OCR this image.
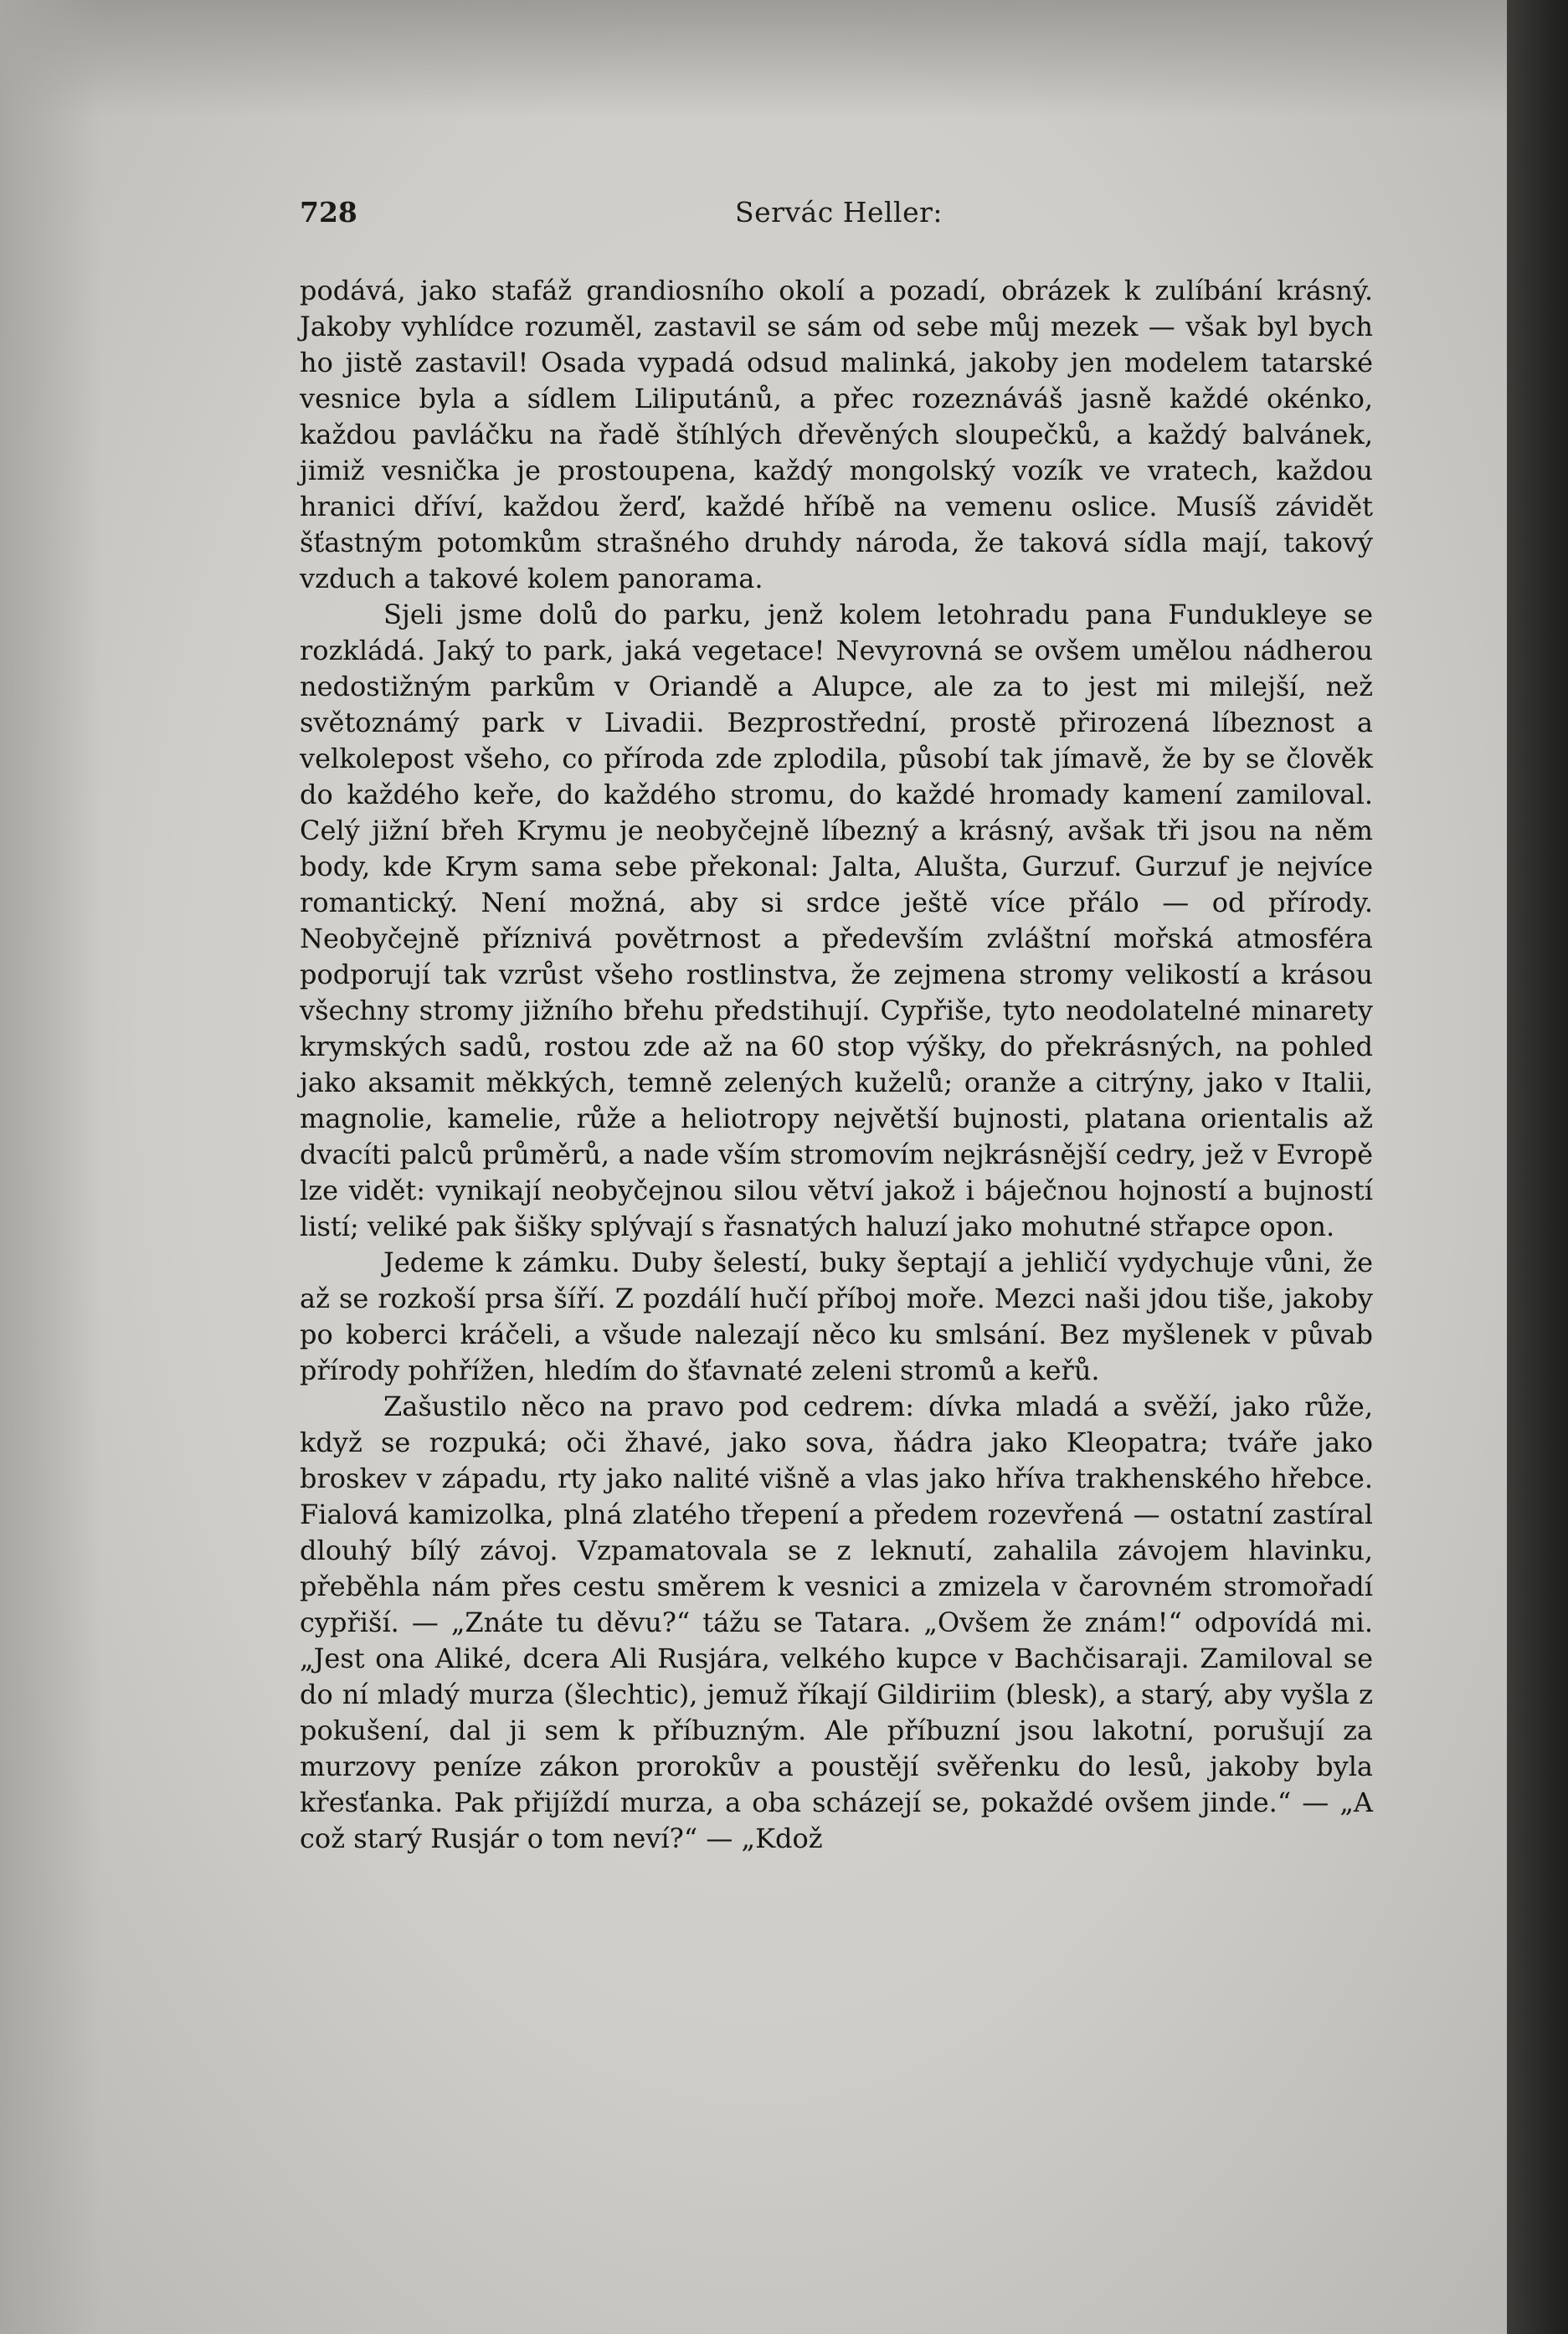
728	Servác Heller:

podává, jako stafáž grandiosního okolí a pozadí, obrázek k zulíbání krásný. Jakoby vyhlídce rozuměl, zastavil se sám od sebe můj mezek — však byl bych ho jistě zastavil! Osada vypadá odsud malinká, jakoby jen modelem tatarské vesnice byla a sídlem Liliputánů, a přec rozeznáváš jasně každé okénko, každou pavláčku na řadě štíhlých dřevěných sloupečků, a každý balvánek, jimiž vesnička je prostoupena, každý mongolský vozík ve vratech, každou hranici dříví, každou žerď, každé hříbě na vemenu oslice. Musíš závidět šťastným potomkům strašného druhdy národa, že taková sídla mají, takový vzduch a takové kolem panorama.

Sjeli jsme dolů do parku, jenž kolem letohradu pana Fundukleye se rozkládá. Jaký to park, jaká vegetace! Nevyrovná se ovšem umělou nádherou nedostižným parkům v Oriandě a Alupce, ale za to jest mi milejší, než světoznámý park v Livadii. Bezprostřední, prostě přirozená líbeznost a velkolepost všeho, co příroda zde zplodila, působí tak jímavě, že by se člověk do každého keře, do každého stromu, do každé hromady kamení zamiloval. Celý jižní břeh Krymu je neobyčejně líbezný a krásný, avšak tři jsou na něm body, kde Krym sama sebe překonal: Jalta, Alušta, Gurzuf. Gurzuf je nejvíce romantický. Není možná, aby si srdce ještě více přálo — od přírody. Neobyčejně příznivá povětrnost a především zvláštní mořská atmosféra podporují tak vzrůst všeho rostlinstva, že zejmena stromy velikostí a krásou všechny stromy jižního břehu předstihují. Cypřiše, tyto neodolatelné minarety krymských sadů, rostou zde až na 60 stop výšky, do překrásných, na pohled jako aksamit měkkých, temně zelených kuželů; oranže a citrýny, jako v Italii, magnolie, kamelie, růže a heliotropy největší bujnosti, platana orientalis až dvacíti palců průměrů, a nade vším stromovím nejkrásnější cedry, jež v Evropě lze vidět: vynikají neobyčejnou silou větví jakož i báječnou hojností a bujností listí; veliké pak šišky splývají s řasnatých haluzí jako mohutné střapce opon.

Jedeme k zámku. Duby šelestí, buky šeptají a jehličí vydychuje vůni, že až se rozkoší prsa šíří. Z pozdálí hučí příboj moře. Mezci naši jdou tiše, jakoby po koberci kráčeli, a všude nalezají něco ku smlsání. Bez myšlenek v půvab přírody pohřížen, hledím do šťavnaté zeleni stromů a keřů.

Zašustilo něco na pravo pod cedrem: dívka mladá a svěží, jako růže, když se rozpuká; oči žhavé, jako sova, ňádra jako Kleopatra; tváře jako broskev v západu, rty jako nalité višně a vlas jako hříva trakhenského hřebce. Fialová kamizolka, plná zlatého třepení a předem rozevřená — ostatní zastíral dlouhý bílý závoj. Vzpamatovala se z leknutí, zahalila závojem hlavinku, přeběhla nám přes cestu směrem k vesnici a zmizela v čarovném stromořadí cypřiší. — „Znáte tu děvu?“ tážu se Tatara. „Ovšem že znám!“ odpovídá mi. „Jest ona Aliké, dcera Ali Rusjára, velkého kupce v Bachčisaraji. Zamiloval se do ní mladý murza (šlechtic), jemuž říkají Gildiriim (blesk), a starý, aby vyšla z pokušení, dal ji sem k příbuzným. Ale příbuzní jsou lakotní, porušují za murzovy peníze zákon prorokův a poustějí svěřenku do lesů, jakoby byla křesťanka. Pak přijíždí murza, a oba scházejí se, pokaždé ovšem jinde.“ — „A což starý Rusjár o tom neví?“ — „Kdož
